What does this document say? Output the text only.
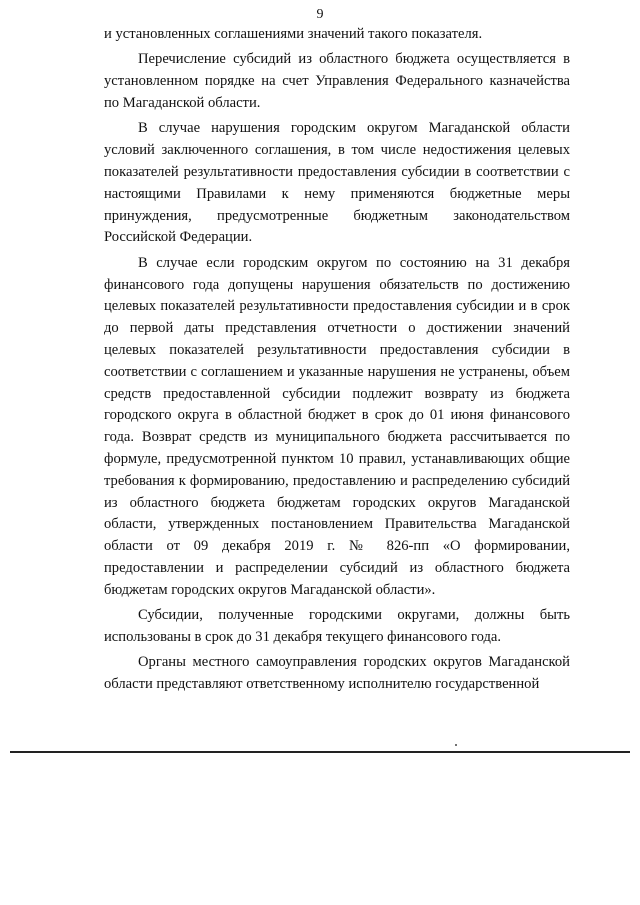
9

и установленных соглашениями значений такого показателя.

Перечисление субсидий из областного бюджета осуществляется в установленном порядке на счет Управления Федерального казначейства по Магаданской области.

В случае нарушения городским округом Магаданской области условий заключенного соглашения, в том числе недостижения целевых показателей результативности предоставления субсидии в соответствии с настоящими Правилами к нему применяются бюджетные меры принуждения, предусмотренные бюджетным законодательством Российской Федерации.

В случае если городским округом по состоянию на 31 декабря финансового года допущены нарушения обязательств по достижению целевых показателей результативности предоставления субсидии и в срок до первой даты представления отчетности о достижении значений целевых показателей результативности предоставления субсидии в соответствии с соглашением и указанные нарушения не устранены, объем средств предоставленной субсидии подлежит возврату из бюджета городского округа в областной бюджет в срок до 01 июня финансового года. Возврат средств из муниципального бюджета рассчитывается по формуле, предусмотренной пунктом 10 правил, устанавливающих общие требования к формированию, предоставлению и распределению субсидий из областного бюджета бюджетам городских округов Магаданской области, утвержденных постановлением Правительства Магаданской области от 09 декабря 2019 г. № 826-пп «О формировании, предоставлении и распределении субсидий из областного бюджета бюджетам городских округов Магаданской области».

Субсидии, полученные городскими округами, должны быть использованы в срок до 31 декабря текущего финансового года.

Органы местного самоуправления городских округов Магаданской области представляют ответственному исполнителю государственной
